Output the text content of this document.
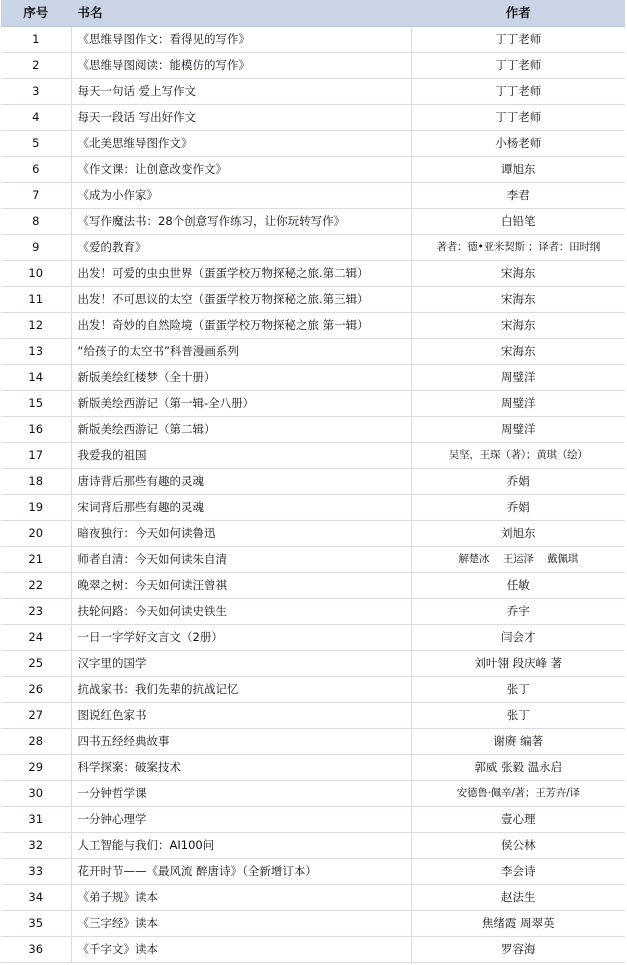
序号	书名	作者
1	《思维导图作文：看得见的写作》	丁丁老师
2	《思维导图阅读：能模仿的写作》	丁丁老师
3	每天一句话 爱上写作文	丁丁老师
4	每天一段话 写出好作文	丁丁老师
5	《北美思维导图作文》	小杨老师
6	《作文课：让创意改变作文》	谭旭东
7	《成为小作家》	李君
8	《写作魔法书：28个创意写作练习，让你玩转写作》	白铅笔
9	《爱的教育》	著者：德•亚米契斯 ；译者：田时纲
10	出发！可爱的虫虫世界（蛋蛋学校万物探秘之旅.第二辑）	宋海东
11	出发！不可思议的太空（蛋蛋学校万物探秘之旅.第三辑）	宋海东
12	出发！奇妙的自然险境（蛋蛋学校万物探秘之旅 第一辑）	宋海东
13	“给孩子的太空书”科普漫画系列	宋海东
14	新版美绘红楼梦（全十册）	周璧洋
15	新版美绘西游记（第一辑-全八册）	周璧洋
16	新版美绘西游记（第二辑）	周璧洋
17	我爱我的祖国	吴坚，王琛（著）；黄琪（绘）
18	唐诗背后那些有趣的灵魂	乔娟
19	宋词背后那些有趣的灵魂	乔娟
20	暗夜独行：今天如何读鲁迅	刘旭东
21	师者自清：今天如何读朱自清	解楚冰　 王运泽　 戴佩琪
22	晚翠之树：今天如何读汪曾祺	任敏
23	扶轮问路：今天如何读史铁生	乔宇
24	一日一字学好文言文（2册）	闫会才
25	汉字里的国学	刘叶翎 段庆峰 著
26	抗战家书：我们先辈的抗战记忆	张丁
27	图说红色家书	张丁
28	四书五经经典故事	谢赓 编著
29	科学探案：破案技术	郭威 张毅 温永启
30	一分钟哲学课	安德鲁·佩辛/著；王芳卉/译
31	一分钟心理学	壹心理
32	人工智能与我们：AI100问	侯公林
33	花开时节——《最风流 醉唐诗》（全新增订本）	李会诗
34	《弟子规》读本	赵法生
35	《三字经》读本	焦绪霞 周翠英
36	《千字文》读本	罗容海
